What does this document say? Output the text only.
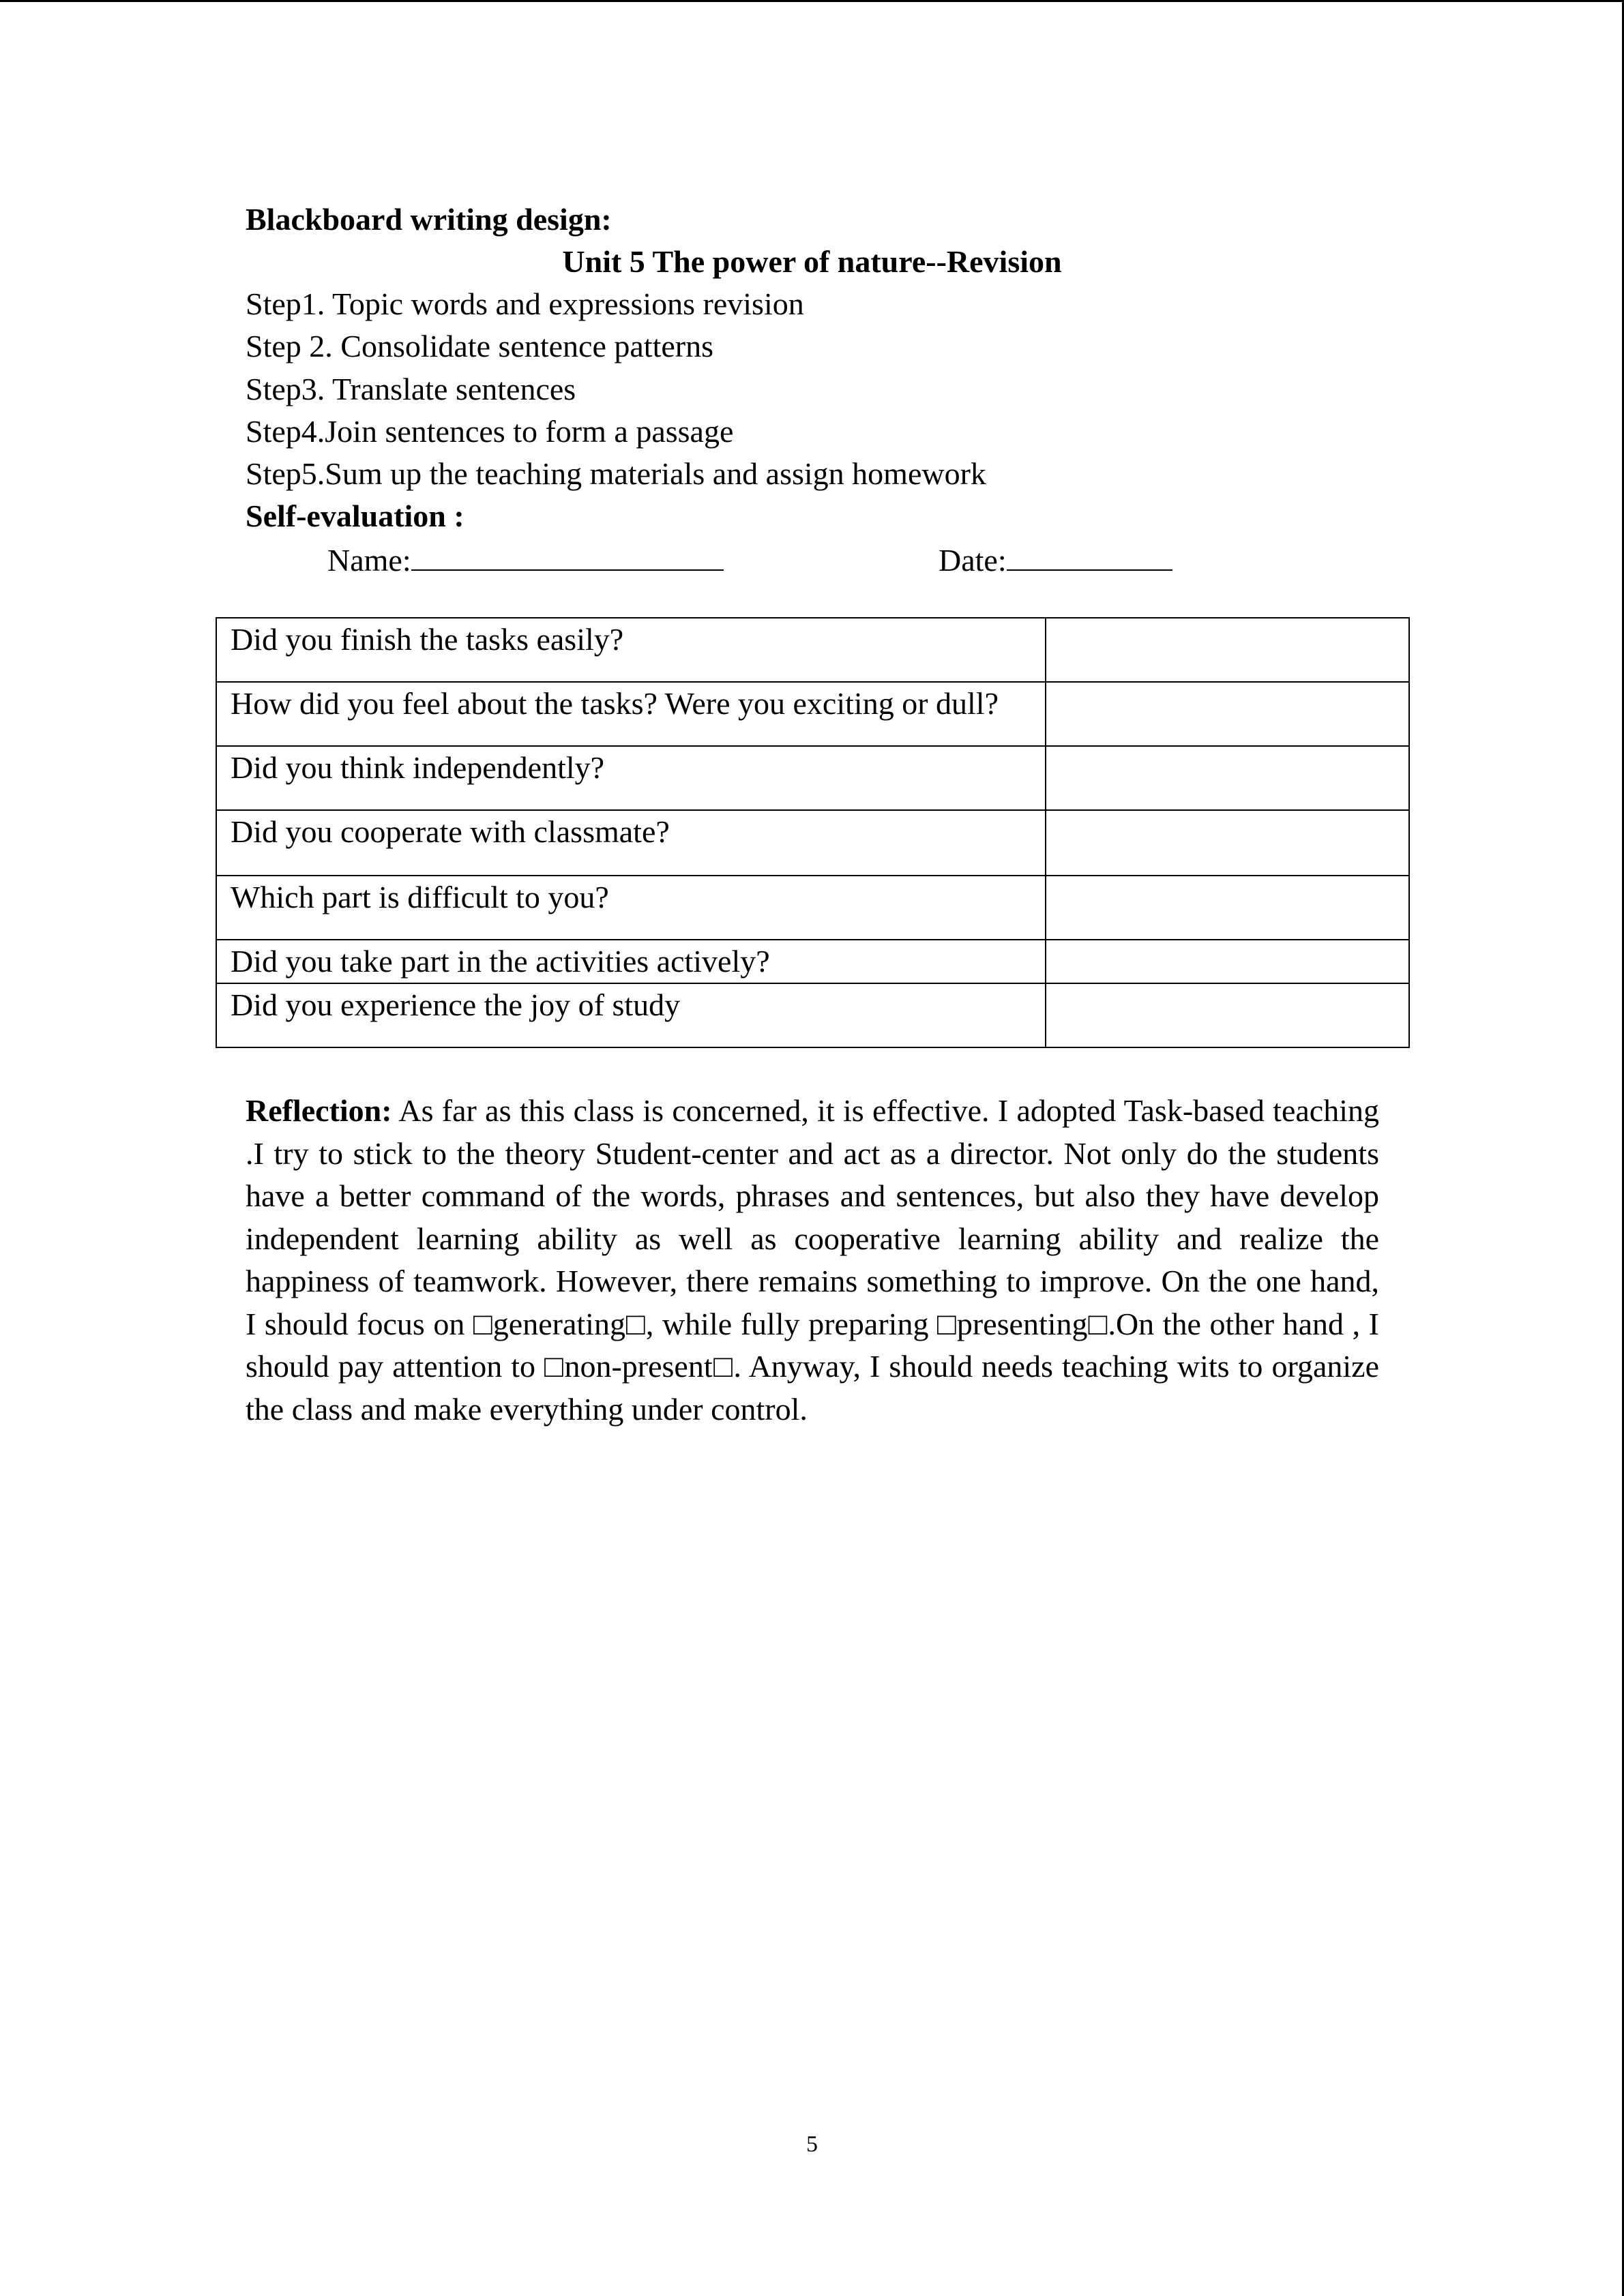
Blackboard writing design:
Unit 5 The power of nature--Revision
Step1. Topic words and expressions revision
Step 2. Consolidate sentence patterns
Step3. Translate sentences
Step4.Join sentences to form a passage
Step5.Sum up the teaching materials and assign homework
Self-evaluation :
Name:	Date:
Did you finish the tasks easily?	
How did you feel about the tasks? Were you exciting or dull?	
Did you think independently?	
Did you cooperate with classmate?	
Which part is difficult to you?	
Did you take part in the activities actively?	
Did you experience the joy of study	
Reflection: As far as this class is concerned, it is effective. I adopted Task-based teaching .I try to stick to the theory Student-center and act as a director. Not only do the students have a better command of the words, phrases and sentences, but also they have develop independent learning ability as well as cooperative learning ability and realize the happiness of teamwork. However, there remains something to improve. On the one hand, I should focus on □generating□, while fully preparing □presenting□.On the other hand , I should pay attention to □non-present□. Anyway, I should needs teaching wits to organize the class and make everything under control.
5
